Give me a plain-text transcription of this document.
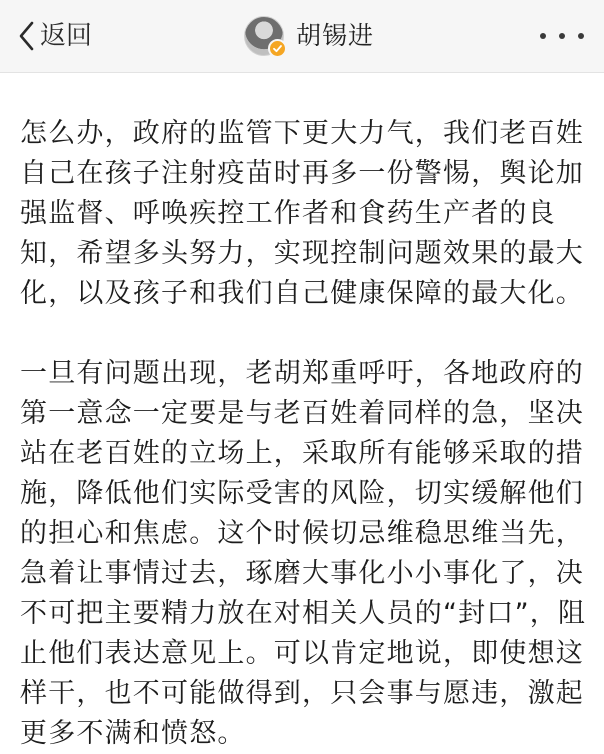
返回	胡锡进

怎么办，政府的监管下更大力气，我们老百姓
自己在孩子注射疫苗时再多一份警惕，舆论加
强监督、呼唤疾控工作者和食药生产者的良
知，希望多头努力，实现控制问题效果的最大
化，以及孩子和我们自己健康保障的最大化。

一旦有问题出现，老胡郑重呼吁，各地政府的
第一意念一定要是与老百姓着同样的急，坚决
站在老百姓的立场上，采取所有能够采取的措
施，降低他们实际受害的风险，切实缓解他们
的担心和焦虑。这个时候切忌维稳思维当先，
急着让事情过去，琢磨大事化小小事化了，决
不可把主要精力放在对相关人员的“封口”，阻
止他们表达意见上。可以肯定地说，即使想这
样干，也不可能做得到，只会事与愿违，激起
更多不满和愤怒。
